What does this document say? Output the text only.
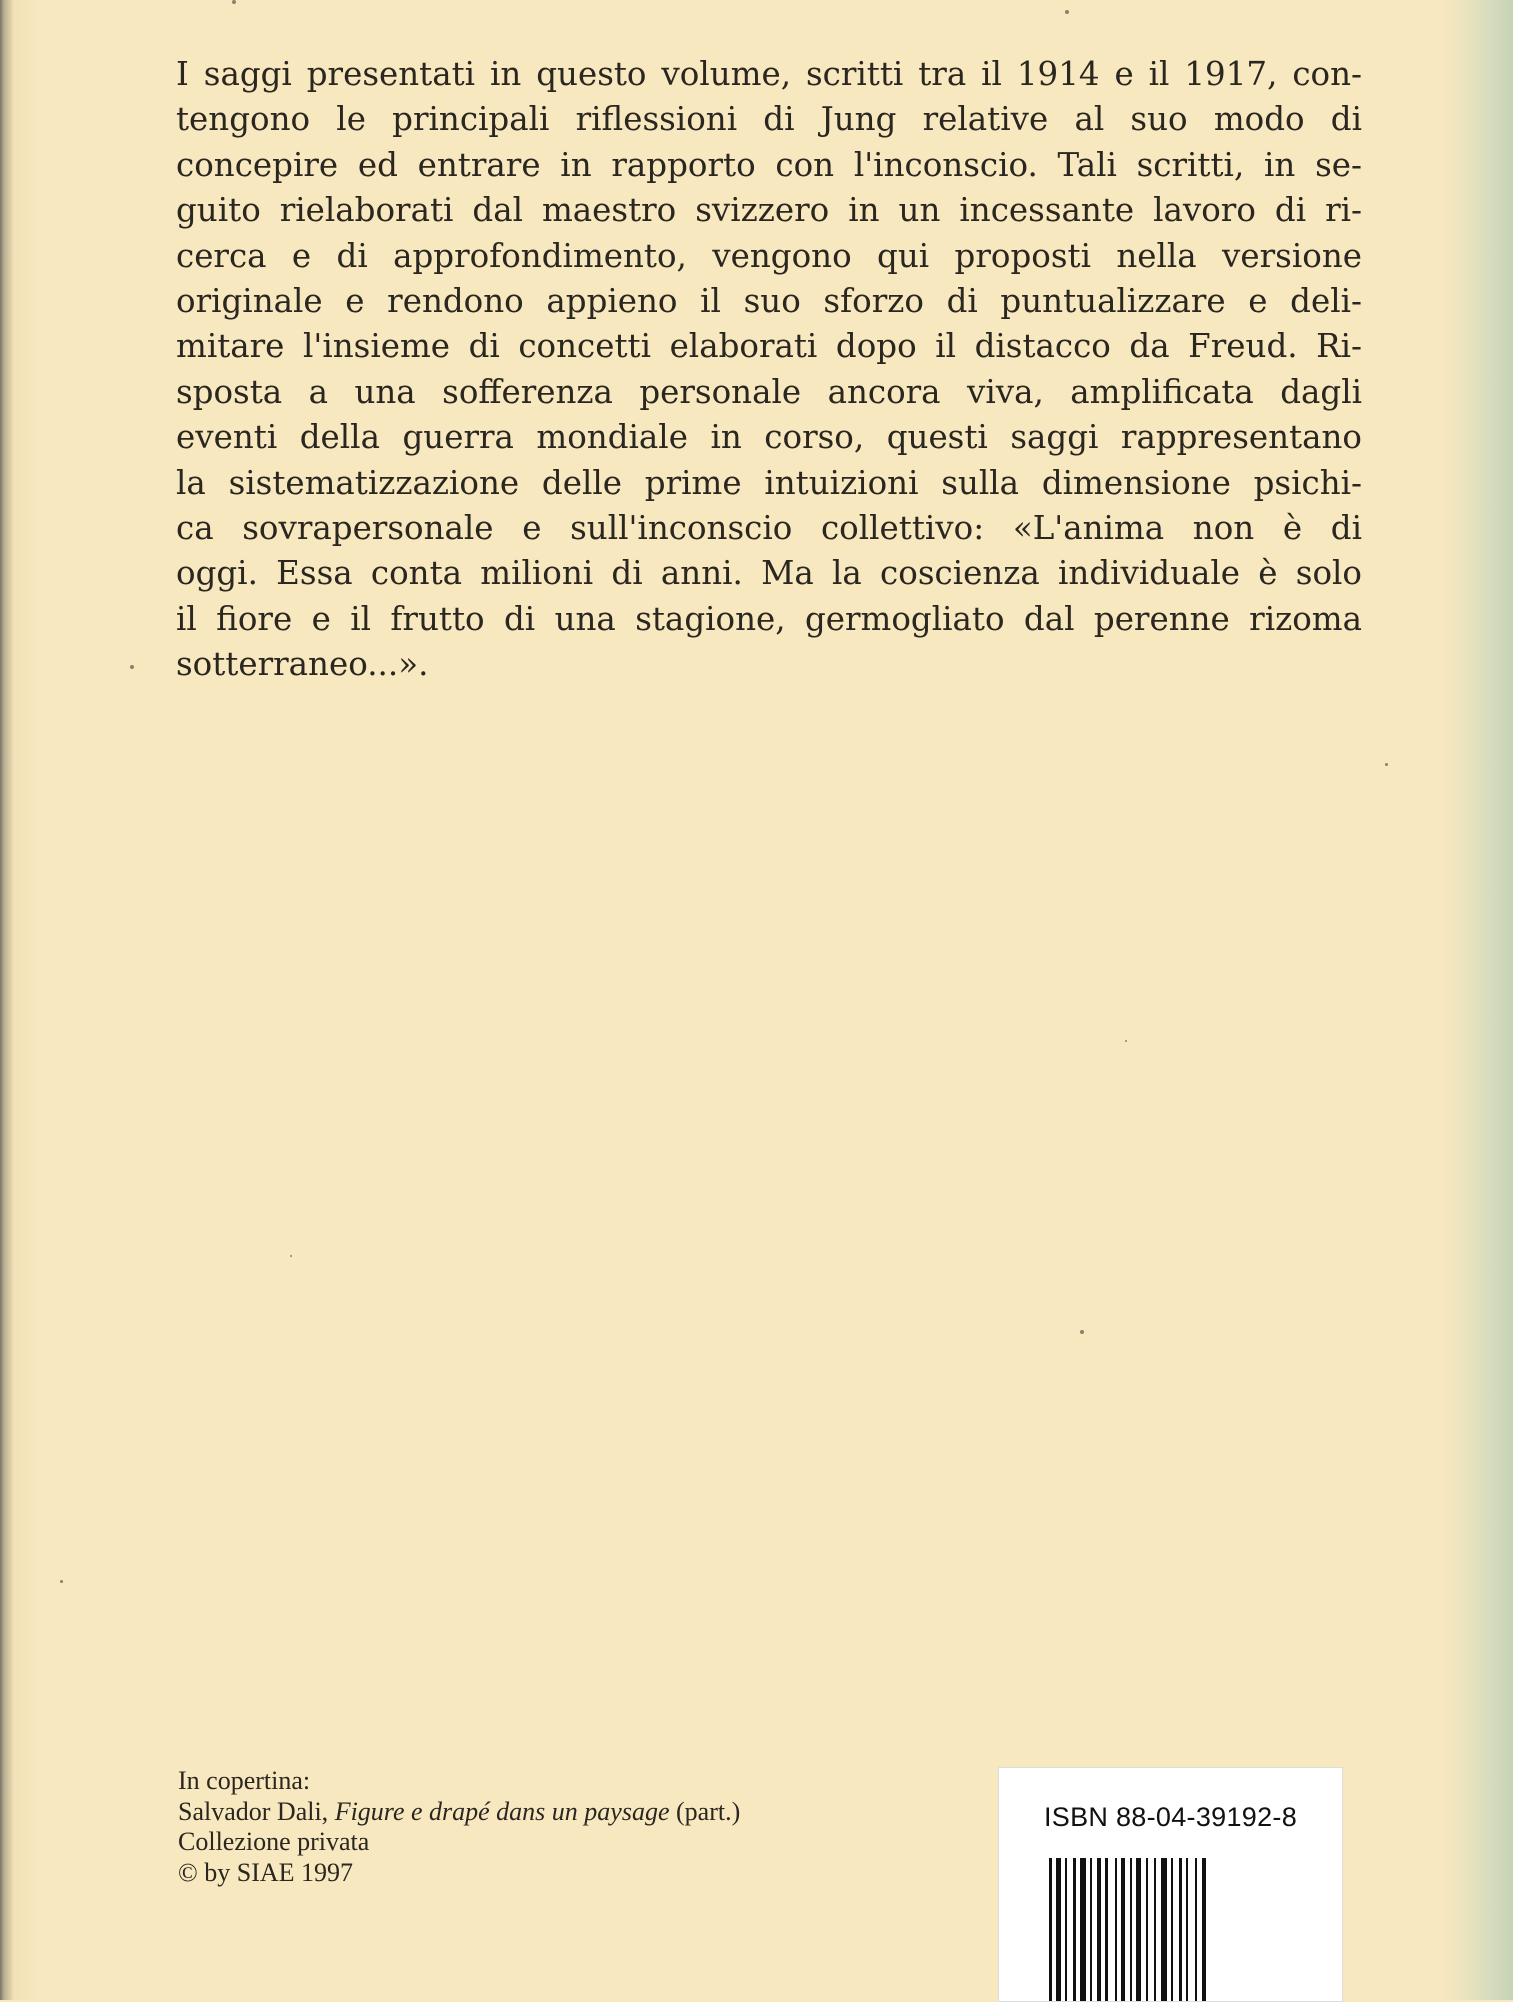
I saggi presentati in questo volume, scritti tra il 1914 e il 1917, con-
tengono le principali riflessioni di Jung relative al suo modo di
concepire ed entrare in rapporto con l'inconscio. Tali scritti, in se-
guito rielaborati dal maestro svizzero in un incessante lavoro di ri-
cerca e di approfondimento, vengono qui proposti nella versione
originale e rendono appieno il suo sforzo di puntualizzare e deli-
mitare l'insieme di concetti elaborati dopo il distacco da Freud. Ri-
sposta a una sofferenza personale ancora viva, amplificata dagli
eventi della guerra mondiale in corso, questi saggi rappresentano
la sistematizzazione delle prime intuizioni sulla dimensione psichi-
ca sovrapersonale e sull'inconscio collettivo: «L'anima non è di
oggi. Essa conta milioni di anni. Ma la coscienza individuale è solo
il fiore e il frutto di una stagione, germogliato dal perenne rizoma
sotterraneo...».
In copertina:
Salvador Dali, Figure e drapé dans un paysage (part.)
Collezione privata
© by SIAE 1997
ISBN 88-04-39192-8
